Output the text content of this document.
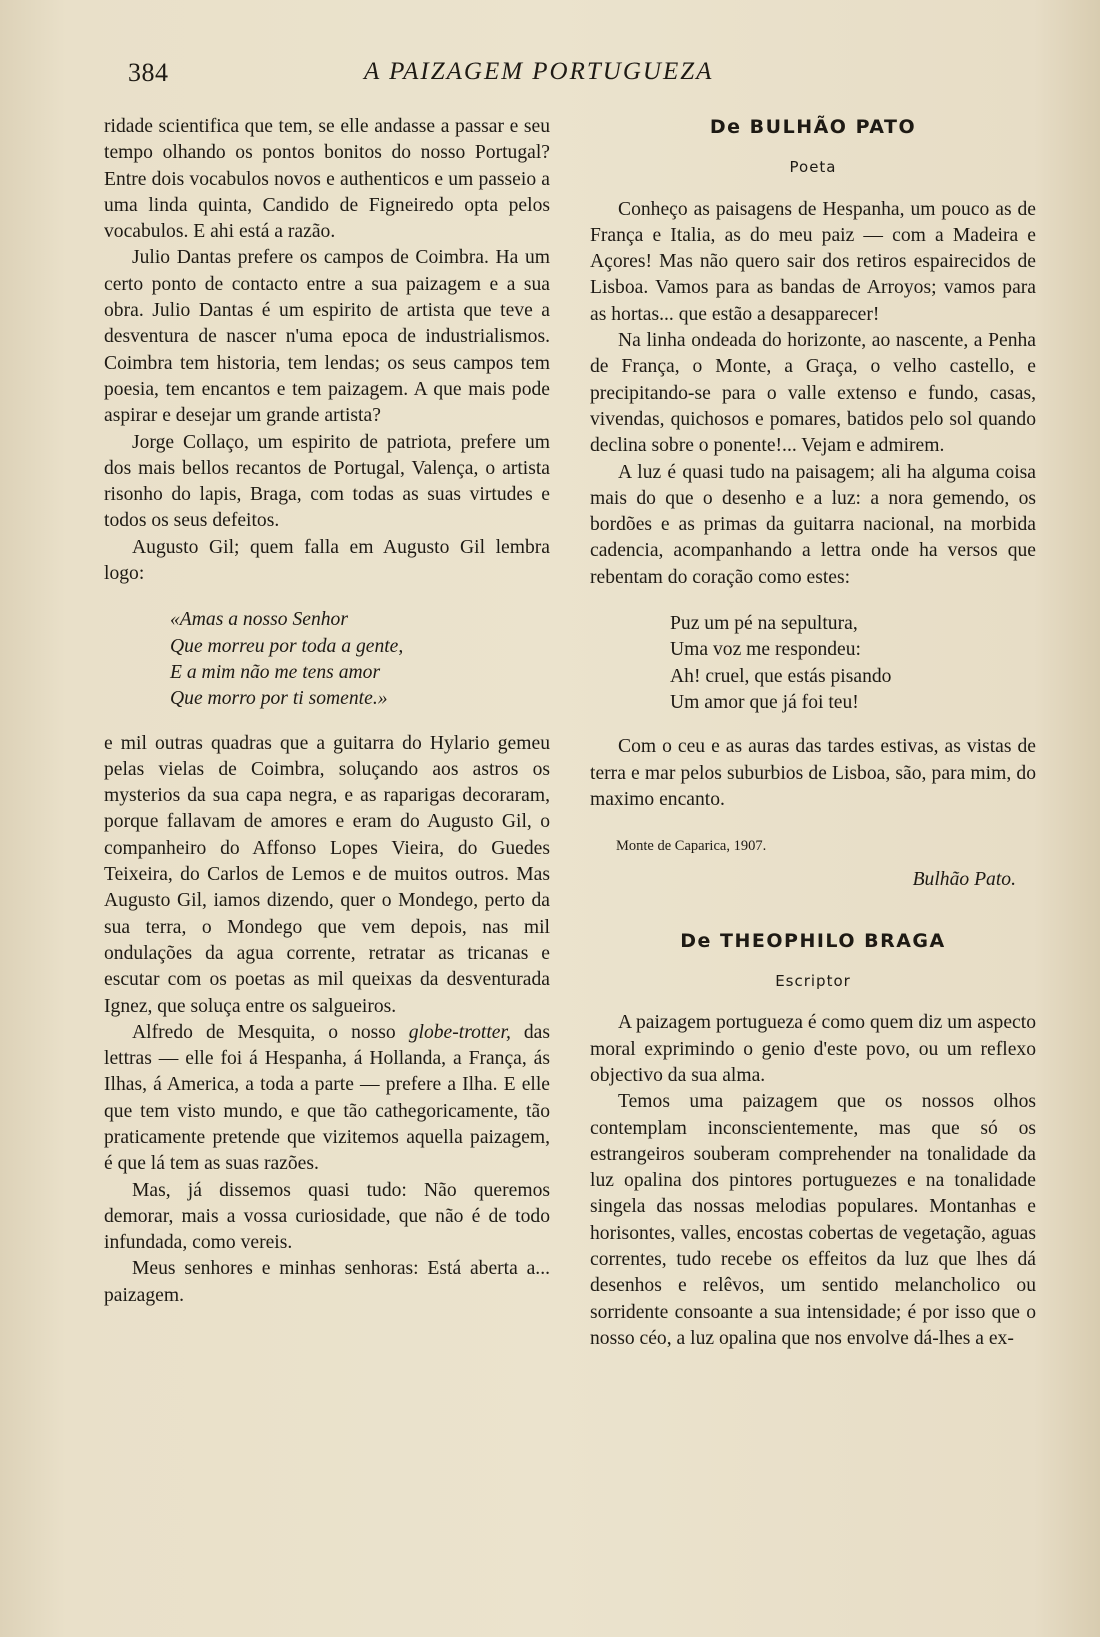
384	A PAIZAGEM PORTUGUEZA

ridade scientifica que tem, se elle andasse a passar e seu tempo olhando os pontos bonitos do nosso Portugal? Entre dois vocabulos novos e authenticos e um passeio a uma linda quinta, Candido de Figneiredo opta pelos vocabulos. E ahi está a razão.

Julio Dantas prefere os campos de Coimbra. Ha um certo ponto de contacto entre a sua paizagem e a sua obra. Julio Dantas é um espirito de artista que teve a desventura de nascer n'uma epoca de industrialismos. Coimbra tem historia, tem lendas; os seus campos tem poesia, tem encantos e tem paizagem. A que mais pode aspirar e desejar um grande artista?

Jorge Collaço, um espirito de patriota, prefere um dos mais bellos recantos de Portugal, Valença, o artista risonho do lapis, Braga, com todas as suas virtudes e todos os seus defeitos.

Augusto Gil; quem falla em Augusto Gil lembra logo:

«Amas a nosso Senhor
Que morreu por toda a gente,
E a mim não me tens amor
Que morro por ti somente.»

e mil outras quadras que a guitarra do Hylario gemeu pelas vielas de Coimbra, soluçando aos astros os mysterios da sua capa negra, e as raparigas decoraram, porque fallavam de amores e eram do Augusto Gil, o companheiro do Affonso Lopes Vieira, do Guedes Teixeira, do Carlos de Lemos e de muitos outros. Mas Augusto Gil, iamos dizendo, quer o Mondego, perto da sua terra, o Mondego que vem depois, nas mil ondulações da agua corrente, retratar as tricanas e escutar com os poetas as mil queixas da desventurada Ignez, que soluça entre os salgueiros.

Alfredo de Mesquita, o nosso globe-trotter, das lettras — elle foi á Hespanha, á Hollanda, a França, ás Ilhas, á America, a toda a parte — prefere a Ilha. E elle que tem visto mundo, e que tão cathegoricamente, tão praticamente pretende que vizitemos aquella paizagem, é que lá tem as suas razões.

Mas, já dissemos quasi tudo: Não queremos demorar, mais a vossa curiosidade, que não é de todo infundada, como vereis.

Meus senhores e minhas senhoras: Está aberta a... paizagem.

De BULHÃO PATO
Poeta

Conheço as paisagens de Hespanha, um pouco as de França e Italia, as do meu paiz — com a Madeira e Açores! Mas não quero sair dos retiros espairecidos de Lisboa. Vamos para as bandas de Arroyos; vamos para as hortas... que estão a desapparecer!

Na linha ondeada do horizonte, ao nascente, a Penha de França, o Monte, a Graça, o velho castello, e precipitando-se para o valle extenso e fundo, casas, vivendas, quichosos e pomares, batidos pelo sol quando declina sobre o ponente!... Vejam e admirem.

A luz é quasi tudo na paisagem; ali ha alguma coisa mais do que o desenho e a luz: a nora gemendo, os bordões e as primas da guitarra nacional, na morbida cadencia, acompanhando a lettra onde ha versos que rebentam do coração como estes:

Puz um pé na sepultura,
Uma voz me respondeu:
Ah! cruel, que estás pisando
Um amor que já foi teu!

Com o ceu e as auras das tardes estivas, as vistas de terra e mar pelos suburbios de Lisboa, são, para mim, do maximo encanto.

Monte de Caparica, 1907.

Bulhão Pato.

De THEOPHILO BRAGA
Escriptor

A paizagem portugueza é como quem diz um aspecto moral exprimindo o genio d'este povo, ou um reflexo objectivo da sua alma.

Temos uma paizagem que os nossos olhos contemplam inconscientemente, mas que só os estrangeiros souberam comprehender na tonalidade da luz opalina dos pintores portuguezes e na tonalidade singela das nossas melodias populares. Montanhas e horisontes, valles, encostas cobertas de vegetação, aguas correntes, tudo recebe os effeitos da luz que lhes dá desenhos e relêvos, um sentido melancholico ou sorridente consoante a sua intensidade; é por isso que o nosso céo, a luz opalina que nos envolve dá-lhes a ex-
